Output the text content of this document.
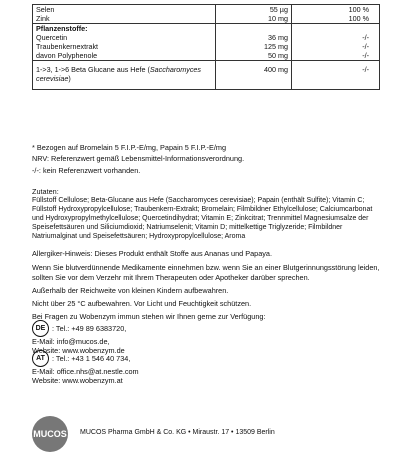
Selen	55 µg	100 %
Zink	10 mg	100 %
Pflanzenstoffe:		
Quercetin	36 mg	-/-
Traubenkernextrakt	125 mg	-/-
davon Polyphenole	50 mg	-/-
1->3, 1->6 Beta Glucane aus Hefe (Saccharomyces cerevisiae)	400 mg	-/-
* Bezogen auf Bromelain 5 F.I.P.-E/mg, Papain 5 F.I.P.-E/mg
NRV: Referenzwert gemäß Lebensmittel-Informationsverordnung.
-/-: kein Referenzwert vorhanden.
Zutaten:
Füllstoff Cellulose; Beta-Glucane aus Hefe (Saccharomyces cerevisiae); Papain (enthält Sulfite); Vitamin C; Füllstoff Hydroxypropylcellulose; Traubenkern-Extrakt; Bromelain; Filmbildner Ethylcellulose; Calciumcarbonat und Hydroxypropylmethylcellulose; Quercetindihydrat; Vitamin E; Zinkcitrat; Trennmittel Magnesiumsalze der Speisefettsäuren und Siliciumdioxid; Natriumselenit; Vitamin D; mittelkettige Triglyzeride; Filmbildner Natriumalginat und Speisefettsäuren; Hydroxypropylcellulose; Aroma
Allergiker-Hinweis: Dieses Produkt enthält Stoffe aus Ananas und Papaya.
Wenn Sie blutverdünnende Medikamente einnehmen bzw. wenn Sie an einer Blutgerinnungsstörung leiden, sollten Sie vor dem Verzehr mit Ihrem Therapeuten oder Apotheker darüber sprechen.
Außerhalb der Reichweite von kleinen Kindern aufbewahren.
Nicht über 25 °C aufbewahren. Vor Licht und Feuchtigkeit schützen.
Bei Fragen zu Wobenzym immun stehen wir Ihnen gerne zur Verfügung:
DE : Tel.: +49 89 6383720,
E-Mail: info@mucos.de,
Website: www.wobenzym.de
AT : Tel.: +43 1 546 40 734,
E-Mail: office.nhs@at.nestle.com
Website: www.wobenzym.at
MUCOS MUCOS Pharma GmbH & Co. KG • Miraustr. 17 • 13509 Berlin
